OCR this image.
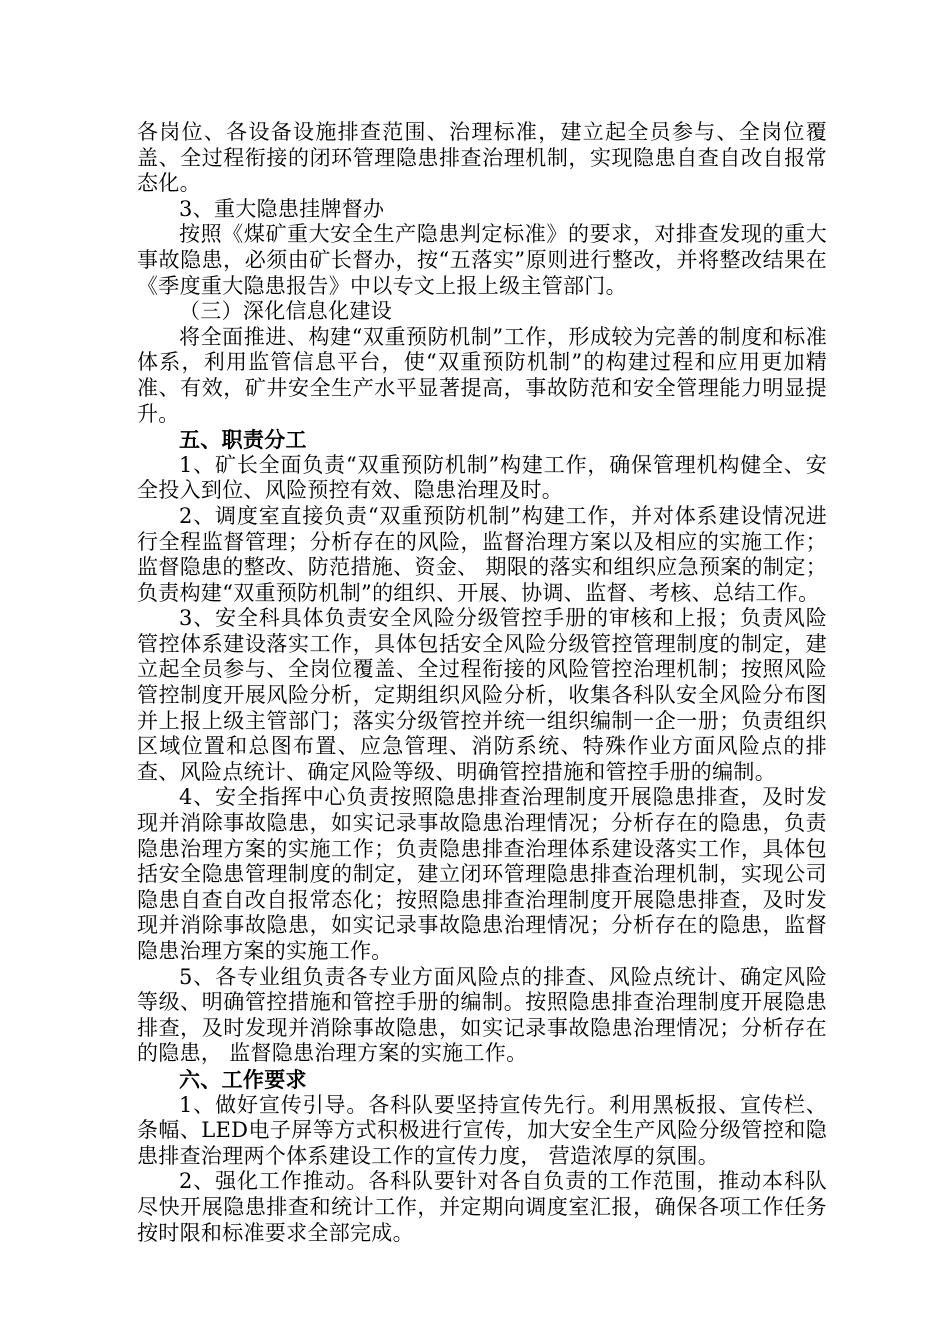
各岗位、各设备设施排查范围、治理标准，建立起全员参与、全岗位覆盖、全过程衔接的闭环管理隐患排查治理机制，实现隐患自查自改自报常态化。

3、重大隐患挂牌督办

按照《煤矿重大安全生产隐患判定标准》的要求，对排查发现的重大事故隐患，必须由矿长督办，按“五落实”原则进行整改，并将整改结果在《季度重大隐患报告》中以专文上报上级主管部门。

（三）深化信息化建设

将全面推进、构建“双重预防机制”工作，形成较为完善的制度和标准体系，利用监管信息平台，使“双重预防机制”的构建过程和应用更加精准、有效，矿井安全生产水平显著提高，事故防范和安全管理能力明显提升。

五、职责分工

1、矿长全面负责“双重预防机制”构建工作，确保管理机构健全、安全投入到位、风险预控有效、隐患治理及时。

2、调度室直接负责“双重预防机制”构建工作，并对体系建设情况进行全程监督管理；分析存在的风险，监督治理方案以及相应的实施工作；监督隐患的整改、防范措施、资金、 期限的落实和组织应急预案的制定；负责构建“双重预防机制”的组织、开展、协调、监督、考核、总结工作。

3、安全科具体负责安全风险分级管控手册的审核和上报；负责风险管控体系建设落实工作，具体包括安全风险分级管控管理制度的制定，建立起全员参与、全岗位覆盖、全过程衔接的风险管控治理机制；按照风险管控制度开展风险分析，定期组织风险分析，收集各科队安全风险分布图并上报上级主管部门；落实分级管控并统一组织编制一企一册；负责组织区域位置和总图布置、应急管理、消防系统、特殊作业方面风险点的排查、风险点统计、确定风险等级、明确管控措施和管控手册的编制。

4、安全指挥中心负责按照隐患排查治理制度开展隐患排查，及时发现并消除事故隐患，如实记录事故隐患治理情况；分析存在的隐患，负责隐患治理方案的实施工作；负责隐患排查治理体系建设落实工作，具体包括安全隐患管理制度的制定，建立闭环管理隐患排查治理机制，实现公司隐患自查自改自报常态化；按照隐患排查治理制度开展隐患排查，及时发现并消除事故隐患，如实记录事故隐患治理情况；分析存在的隐患，监督隐患治理方案的实施工作。

5、各专业组负责各专业方面风险点的排查、风险点统计、确定风险等级、明确管控措施和管控手册的编制。按照隐患排查治理制度开展隐患排查，及时发现并消除事故隐患，如实记录事故隐患治理情况；分析存在的隐患， 监督隐患治理方案的实施工作。

六、工作要求

1、做好宣传引导。各科队要坚持宣传先行。利用黑板报、宣传栏、条幅、LED电子屏等方式积极进行宣传，加大安全生产风险分级管控和隐患排查治理两个体系建设工作的宣传力度， 营造浓厚的氛围。

2、强化工作推动。各科队要针对各自负责的工作范围，推动本科队尽快开展隐患排查和统计工作，并定期向调度室汇报，确保各项工作任务按时限和标准要求全部完成。
